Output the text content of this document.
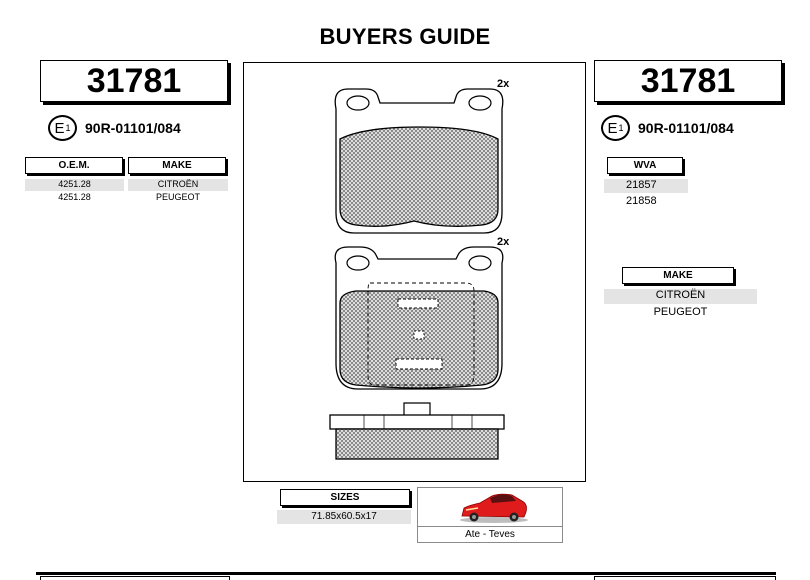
BUYERS GUIDE
31781
E 1 90R-01101/084
O.E.M.	MAKE
4251.28	CITROËN
4251.28	PEUGEOT
2x
2x
31781
E 1 90R-01101/084
WVA
21857
21858
MAKE
CITROËN
PEUGEOT
SIZES
71.85x60.5x17
Ate - Teves
